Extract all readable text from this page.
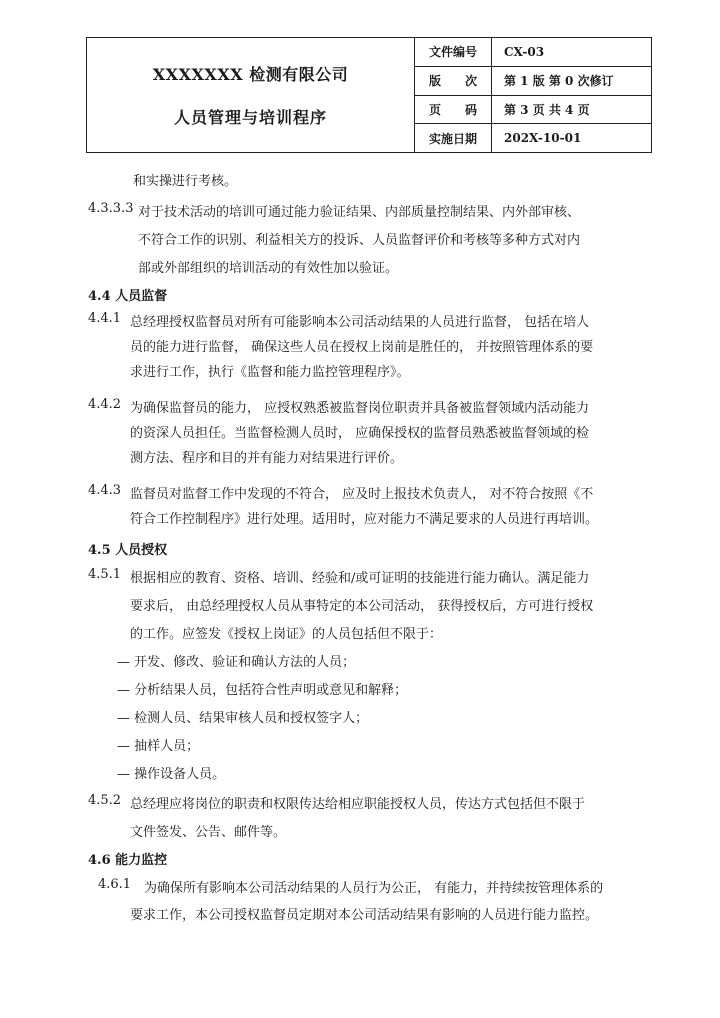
XXXXXXX 检测有限公司
人员管理与培训程序
文件编号	CX-03
版　　次	第 1 版 第 0 次修订
页　　码	第 3 页 共 4 页
实施日期	202X-10-01
和实操进行考核。
4.3.3.3 对于技术活动的培训可通过能力验证结果、内部质量控制结果、内外部审核、
不符合工作的识别、利益相关方的投诉、人员监督评价和考核等多种方式对内
部或外部组织的培训活动的有效性加以验证。
4.4 人员监督
4.4.1 总经理授权监督员对所有可能影响本公司活动结果的人员进行监督， 包括在培人
员的能力进行监督， 确保这些人员在授权上岗前是胜任的， 并按照管理体系的要
求进行工作，执行《监督和能力监控管理程序》。
4.4.2 为确保监督员的能力， 应授权熟悉被监督岗位职责并具备被监督领域内活动能力
的资深人员担任。当监督检测人员时， 应确保授权的监督员熟悉被监督领域的检
测方法、程序和目的并有能力对结果进行评价。
4.4.3 监督员对监督工作中发现的不符合， 应及时上报技术负责人， 对不符合按照《不
符合工作控制程序》进行处理。适用时，应对能力不满足要求的人员进行再培训。
4.5 人员授权
4.5.1 根据相应的教育、资格、培训、经验和/或可证明的技能进行能力确认。满足能力
要求后， 由总经理授权人员从事特定的本公司活动， 获得授权后，方可进行授权
的工作。应签发《授权上岗证》的人员包括但不限于：
— 开发、修改、验证和确认方法的人员；
— 分析结果人员，包括符合性声明或意见和解释；
— 检测人员、结果审核人员和授权签字人；
— 抽样人员；
— 操作设备人员。
4.5.2 总经理应将岗位的职责和权限传达给相应职能授权人员，传达方式包括但不限于
文件签发、公告、邮件等。
4.6 能力监控
4.6.1 为确保所有影响本公司活动结果的人员行为公正， 有能力，并持续按管理体系的
要求工作，本公司授权监督员定期对本公司活动结果有影响的人员进行能力监控。
